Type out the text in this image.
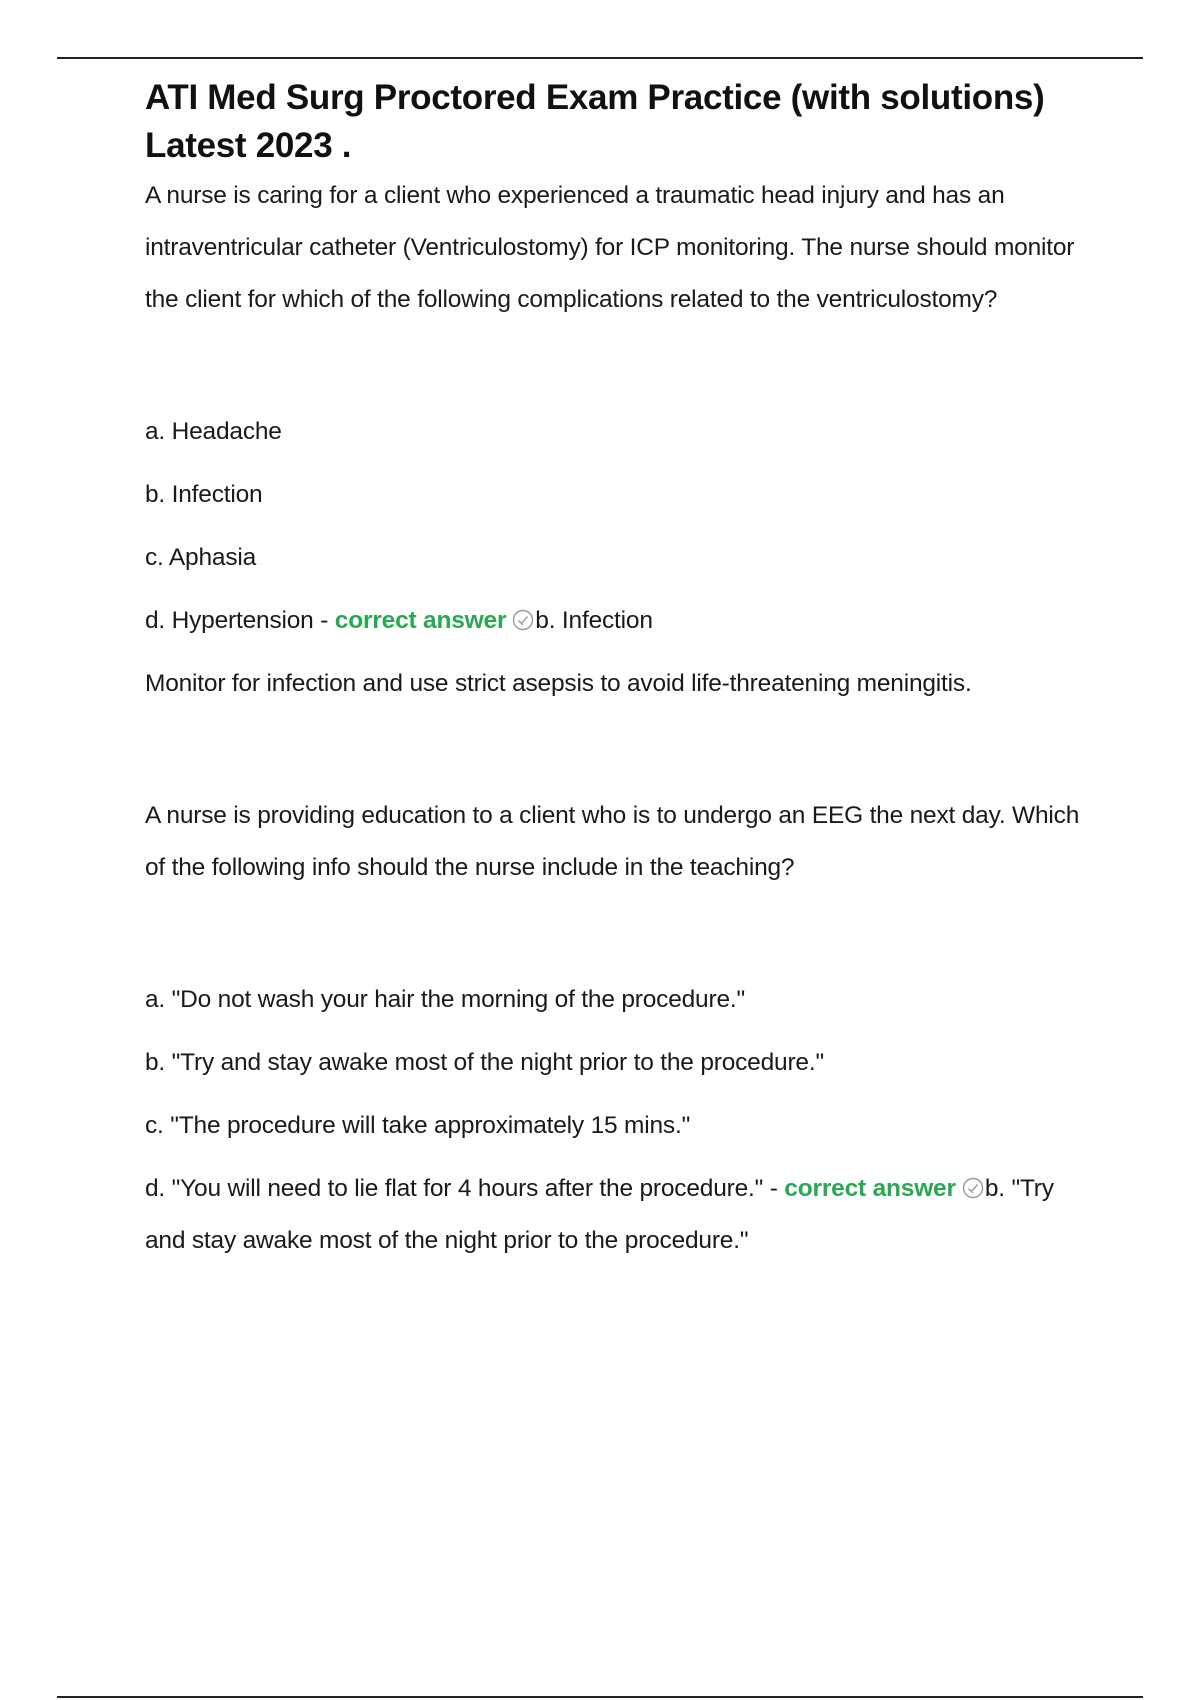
ATI Med Surg Proctored Exam Practice (with solutions) Latest 2023 .

A nurse is caring for a client who experienced a traumatic head injury and has an intraventricular catheter (Ventriculostomy) for ICP monitoring. The nurse should monitor the client for which of the following complications related to the ventriculostomy?

a. Headache

b. Infection

c. Aphasia

d. Hypertension - correct answer b. Infection

Monitor for infection and use strict asepsis to avoid life-threatening meningitis.

A nurse is providing education to a client who is to undergo an EEG the next day. Which of the following info should the nurse include in the teaching?

a. "Do not wash your hair the morning of the procedure."

b. "Try and stay awake most of the night prior to the procedure."

c. "The procedure will take approximately 15 mins."

d. "You will need to lie flat for 4 hours after the procedure." - correct answer b. "Try and stay awake most of the night prior to the procedure."
